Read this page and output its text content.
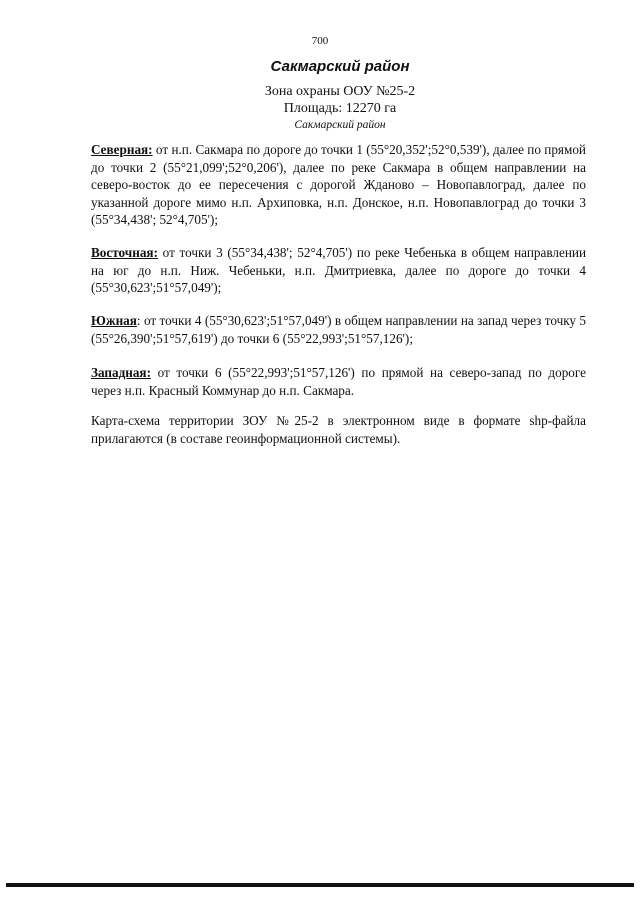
700
Сакмарский район
Зона охраны ООУ №25-2
Площадь: 12270 га
Сакмарский район

Северная: от н.п. Сакмара по дороге до точки 1 (55°20,352';52°0,539'), далее по прямой до точки 2 (55°21,099';52°0,206'), далее по реке Сакмара в общем направлении на северо-восток до ее пересечения с дорогой Жданово – Новопавлоград, далее по указанной дороге мимо н.п. Архиповка, н.п. Донское, н.п. Новопавлоград до точки 3 (55°34,438'; 52°4,705');

Восточная: от точки 3 (55°34,438'; 52°4,705') по реке Чебенька в общем направлении на юг до н.п. Ниж. Чебеньки, н.п. Дмитриевка, далее по дороге до точки 4 (55°30,623';51°57,049');

Южная: от точки 4 (55°30,623';51°57,049') в общем направлении на запад через точку 5 (55°26,390';51°57,619') до точки 6 (55°22,993';51°57,126');

Западная: от точки 6 (55°22,993';51°57,126') по прямой на северо-запад по дороге через н.п. Красный Коммунар до н.п. Сакмара.

Карта-схема территории ЗОУ №25-2 в электронном виде в формате shp-файла прилагаются (в составе геоинформационной системы).
